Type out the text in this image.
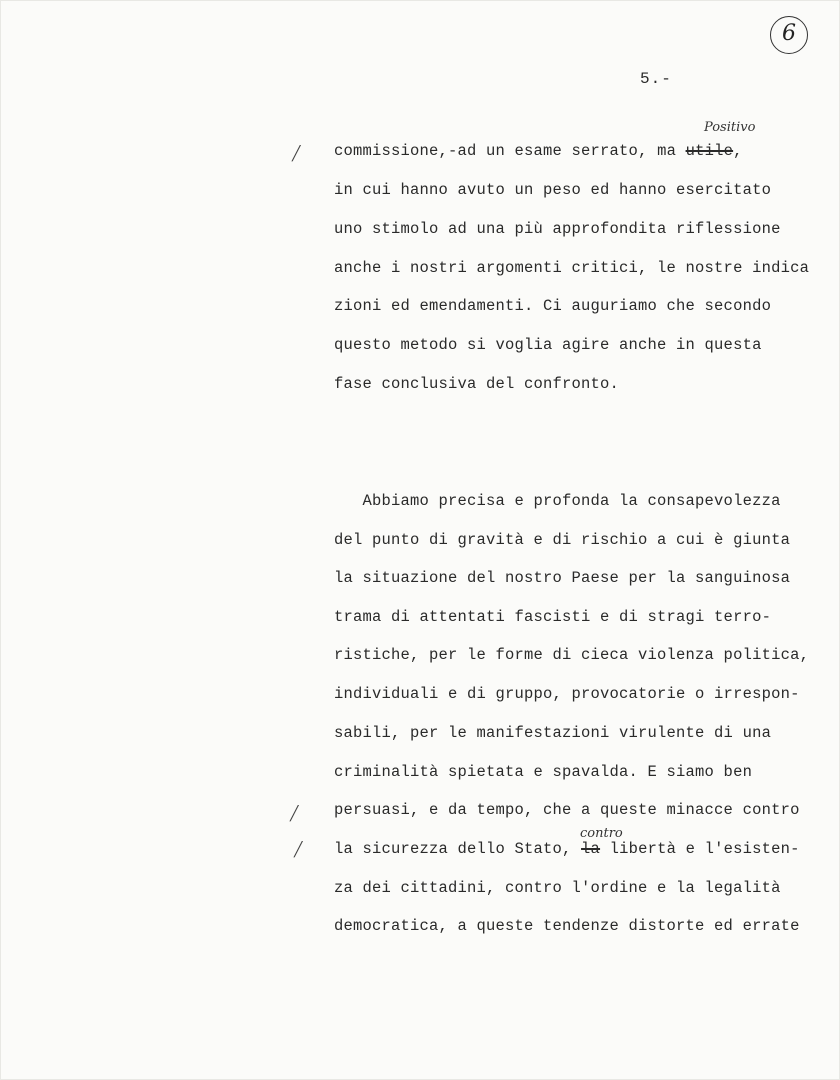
6
5.-
╱
╱
╱
Positivo
contro
commissione,-ad un esame serrato, ma utile,
in cui hanno avuto un peso ed hanno esercitato
uno stimolo ad una più approfondita riflessione
anche i nostri argomenti critici, le nostre indica
zioni ed emendamenti. Ci auguriamo che secondo
questo metodo si voglia agire anche in questa
fase conclusiva del confronto.
Abbiamo precisa e profonda la consapevolezza
del punto di gravità e di rischio a cui è giunta
la situazione del nostro Paese per la sanguinosa
trama di attentati fascisti e di stragi terro-
ristiche, per le forme di cieca violenza politica,
individuali e di gruppo, provocatorie o irrespon-
sabili, per le manifestazioni virulente di una
criminalità spietata e spavalda. E siamo ben
persuasi, e da tempo, che a queste minacce contro
la sicurezza dello Stato, la libertà e l'esisten-
za dei cittadini, contro l'ordine e la legalità
democratica, a queste tendenze distorte ed errate
